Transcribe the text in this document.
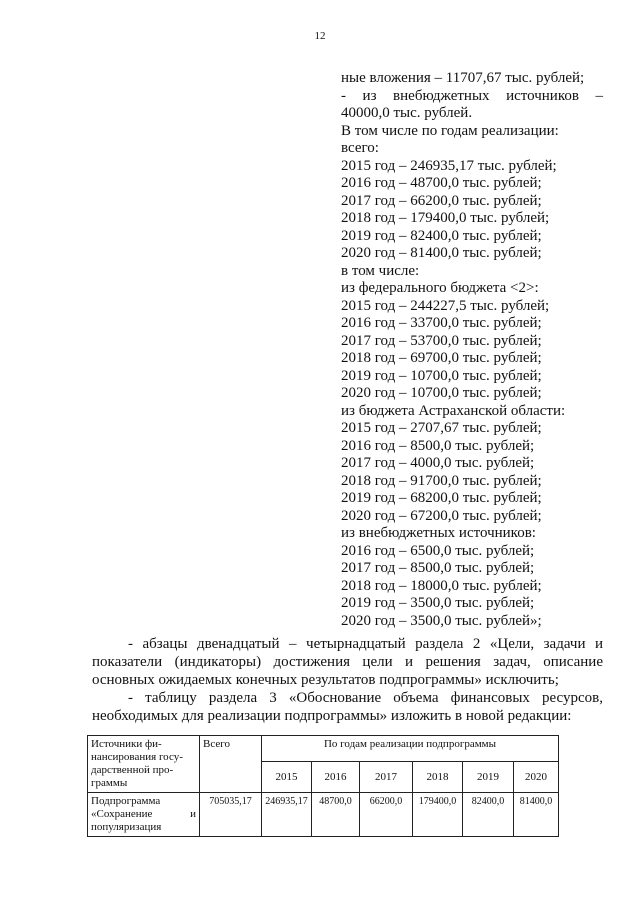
12
ные вложения – 11707,67 тыс. рублей;
- из внебюджетных источников –
40000,0 тыс. рублей.
В том числе по годам реализации:
всего:
2015 год – 246935,17 тыс. рублей;
2016 год – 48700,0 тыс. рублей;
2017 год – 66200,0 тыс. рублей;
2018 год – 179400,0 тыс. рублей;
2019 год – 82400,0 тыс. рублей;
2020 год – 81400,0 тыс. рублей;
в том числе:
из федерального бюджета <2>:
2015 год – 244227,5 тыс. рублей;
2016 год – 33700,0 тыс. рублей;
2017 год – 53700,0 тыс. рублей;
2018 год – 69700,0 тыс. рублей;
2019 год – 10700,0 тыс. рублей;
2020 год – 10700,0 тыс. рублей;
из бюджета Астраханской области:
2015 год – 2707,67 тыс. рублей;
2016 год – 8500,0 тыс. рублей;
2017 год – 4000,0 тыс. рублей;
2018 год – 91700,0 тыс. рублей;
2019 год – 68200,0 тыс. рублей;
2020 год – 67200,0 тыс. рублей;
из внебюджетных источников:
2016 год – 6500,0 тыс. рублей;
2017 год – 8500,0 тыс. рублей;
2018 год – 18000,0 тыс. рублей;
2019 год – 3500,0 тыс. рублей;
2020 год – 3500,0 тыс. рублей»;
- абзацы двенадцатый – четырнадцатый раздела 2 «Цели, задачи и показатели (индикаторы) достижения цели и решения задач, описание основных ожидаемых конечных результатов подпрограммы» исключить;
- таблицу раздела 3 «Обоснование объема финансовых ресурсов, необходимых для реализации подпрограммы» изложить в новой редакции:
Источники фи-
нансирования госу-
дарственной про-
граммы	Всего	По годам реализации подпрограммы					
		2015	2016	2017	2018	2019	2020

Подпрограмма
«Сохранение и
популяризация	705035,17	246935,17	48700,0	66200,0	179400,0	82400,0	81400,0
